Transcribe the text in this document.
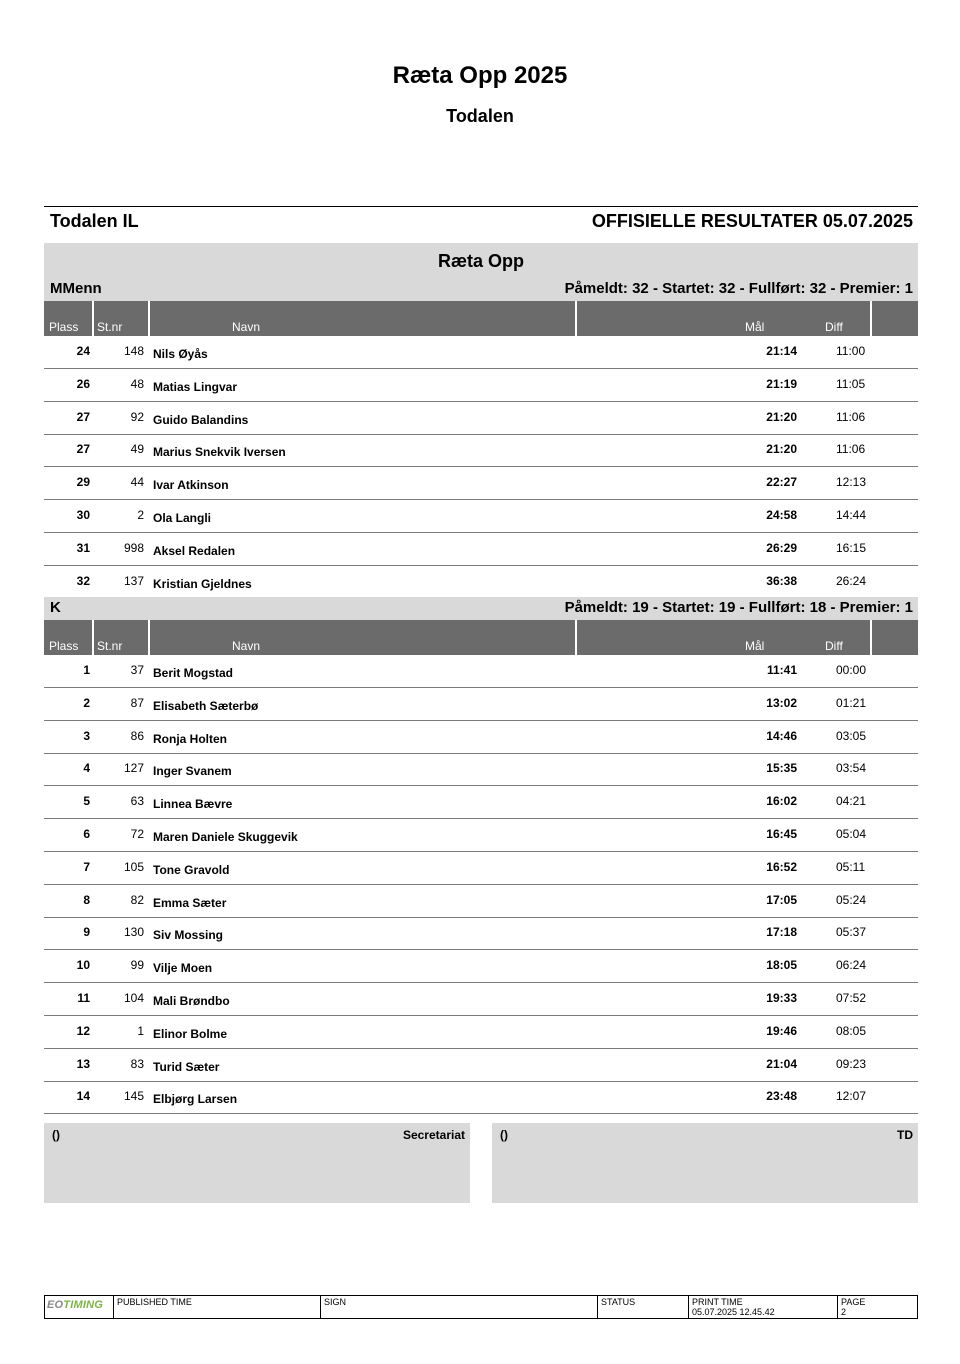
Ræta Opp 2025
Todalen
Todalen IL	OFFISIELLE RESULTATER 05.07.2025
Ræta Opp
MMenn	Påmeldt: 32 - Startet: 32 - Fullført: 32 - Premier: 1
Plass St.nr	Navn	Mål	Diff
24	148 Nils Øyås	21:14	11:00
26	48 Matias Lingvar	21:19	11:05
27	92 Guido Balandins	21:20	11:06
27	49 Marius Snekvik Iversen	21:20	11:06
29	44 Ivar Atkinson	22:27	12:13
30	2 Ola Langli	24:58	14:44
31	998 Aksel Redalen	26:29	16:15
32	137 Kristian Gjeldnes	36:38	26:24
K	Påmeldt: 19 - Startet: 19 - Fullført: 18 - Premier: 1
Plass St.nr	Navn	Mål	Diff
1	37 Berit Mogstad	11:41	00:00
2	87 Elisabeth Sæterbø	13:02	01:21
3	86 Ronja Holten	14:46	03:05
4	127 Inger Svanem	15:35	03:54
5	63 Linnea Bævre	16:02	04:21
6	72 Maren Daniele Skuggevik	16:45	05:04
7	105 Tone Gravold	16:52	05:11
8	82 Emma Sæter	17:05	05:24
9	130 Siv Mossing	17:18	05:37
10	99 Vilje Moen	18:05	06:24
11	104 Mali Brøndbo	19:33	07:52
12	1 Elinor Bolme	19:46	08:05
13	83 Turid Sæter	21:04	09:23
14	145 Elbjørg Larsen	23:48	12:07
()	Secretariat	()	TD
EOTIMING PUBLISHED TIME	SIGN	STATUS	PRINT TIME
05.07.2025 12.45.42
PAGE
2
